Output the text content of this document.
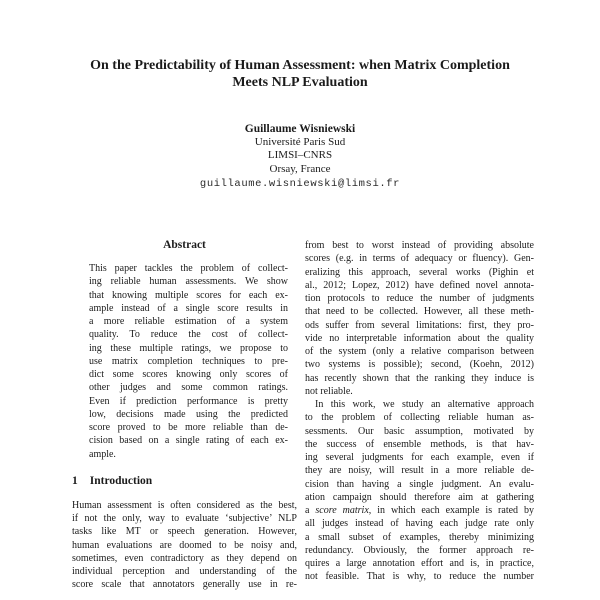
On the Predictability of Human Assessment: when Matrix Completion
Meets NLP Evaluation
Guillaume Wisniewski
Université Paris Sud
LIMSI–CNRS
Orsay, France
guillaume.wisniewski@limsi.fr
Abstract
This paper tackles the problem of collect-
ing reliable human assessments. We show
that knowing multiple scores for each ex-
ample instead of a single score results in
a more reliable estimation of a system
quality. To reduce the cost of collect-
ing these multiple ratings, we propose to
use matrix completion techniques to pre-
dict some scores knowing only scores of
other judges and some common ratings.
Even if prediction performance is pretty
low, decisions made using the predicted
score proved to be more reliable than de-
cision based on a single rating of each ex-
ample.
1 Introduction
Human assessment is often considered as the best,
if not the only, way to evaluate ‘subjective’ NLP
tasks like MT or speech generation. However,
human evaluations are doomed to be noisy and,
sometimes, even contradictory as they depend on
individual perception and understanding of the
score scale that annotators generally use in re-
from best to worst instead of providing absolute
scores (e.g. in terms of adequacy or fluency). Gen-
eralizing this approach, several works (Pighin et
al., 2012; Lopez, 2012) have defined novel annota-
tion protocols to reduce the number of judgments
that need to be collected. However, all these meth-
ods suffer from several limitations: first, they pro-
vide no interpretable information about the quality
of the system (only a relative comparison between
two systems is possible); second, (Koehn, 2012)
has recently shown that the ranking they induce is
not reliable.
In this work, we study an alternative approach
to the problem of collecting reliable human as-
sessments. Our basic assumption, motivated by
the success of ensemble methods, is that hav-
ing several judgments for each example, even if
they are noisy, will result in a more reliable de-
cision than having a single judgment. An evalu-
ation campaign should therefore aim at gathering
a score matrix, in which each example is rated by
all judges instead of having each judge rate only
a small subset of examples, thereby minimizing
redundancy. Obviously, the former approach re-
quires a large annotation effort and is, in practice,
not feasible. That is why, to reduce the number
